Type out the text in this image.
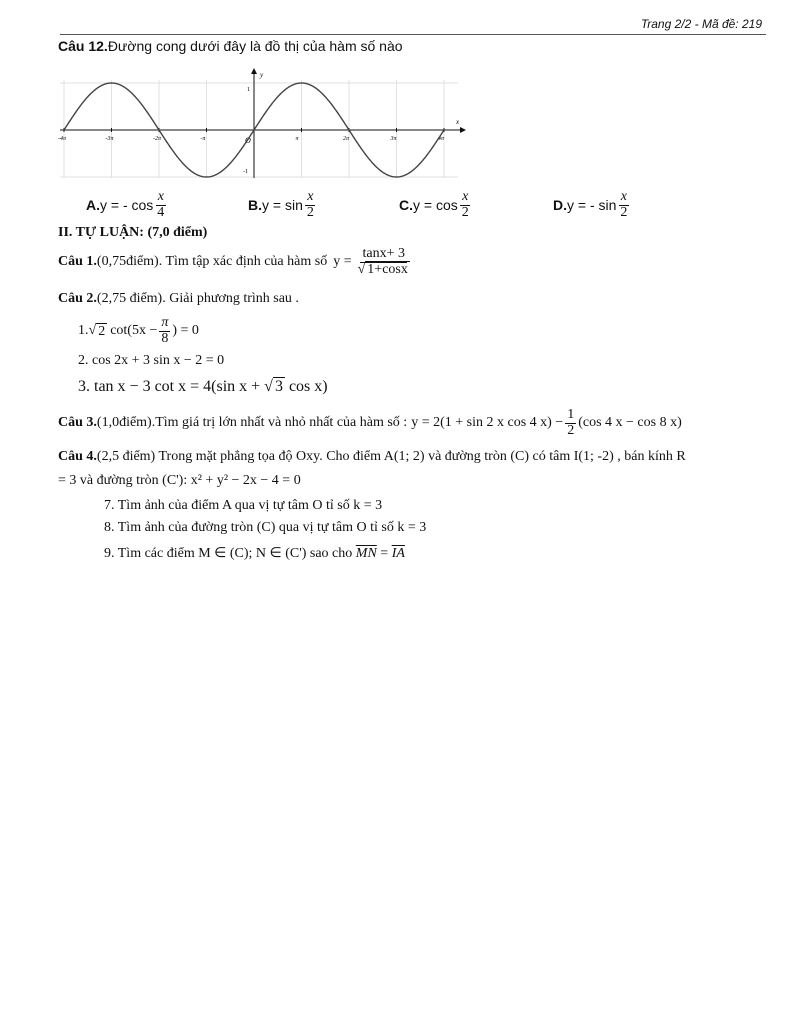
Trang 2/2 - Mã đề: 219
Câu 12.Đường cong dưới đây là đồ thị của hàm số nào
y
x
1
-1
-4π	-3π	-2π	-π	O	π	2π	3π	4π
A. y = - $\cos \frac{x}{4}$	B. $y = \sin \frac{x}{2}$	C. $y = \cos \frac{x}{2}$	D. y = - $\sin \frac{x}{2}$
II. TỰ LUẬN: (7,0 điểm)
Câu 1. (0,75điểm). Tìm tập xác định của hàm số $y = \frac{\tan x+ 3}{√ 1+\cos x}$
Câu 2.(2,75 điểm). Giải phương trình sau .
1. √ 2 $\cot(5x - \frac{\pi}{8}$ ) = 0
2. cos 2x + 3 sin x − 2 = 0
3. tan x − 3 cot x = 4(sin x + √ 3 cos x)
Câu 3. (1,0điểm).Tìm giá trị lớn nhất và nhỏ nhất của hàm số : y = 2(1 + sin 2 x cos 4 $x) - \frac{1}{2} (\cos$ 4 x − cos 8 x)
Câu 4.(2,5 điểm) Trong mặt phẳng tọa độ Oxy. Cho điểm A(1; 2) và đường tròn (C) có tâm I(1; -2) , bán kính R
= 3 và đường tròn (C'): x² + y² − 2x − 4 = 0
7. Tìm ảnh của điểm A qua vị tự tâm O tỉ số k = 3
8. Tìm ảnh của đường tròn (C) qua vị tự tâm O tỉ số k = 3
9. Tìm các điểm M ∈ (C); N ∈ (C') sao cho $\overline{MN} = \overline{IA}$
